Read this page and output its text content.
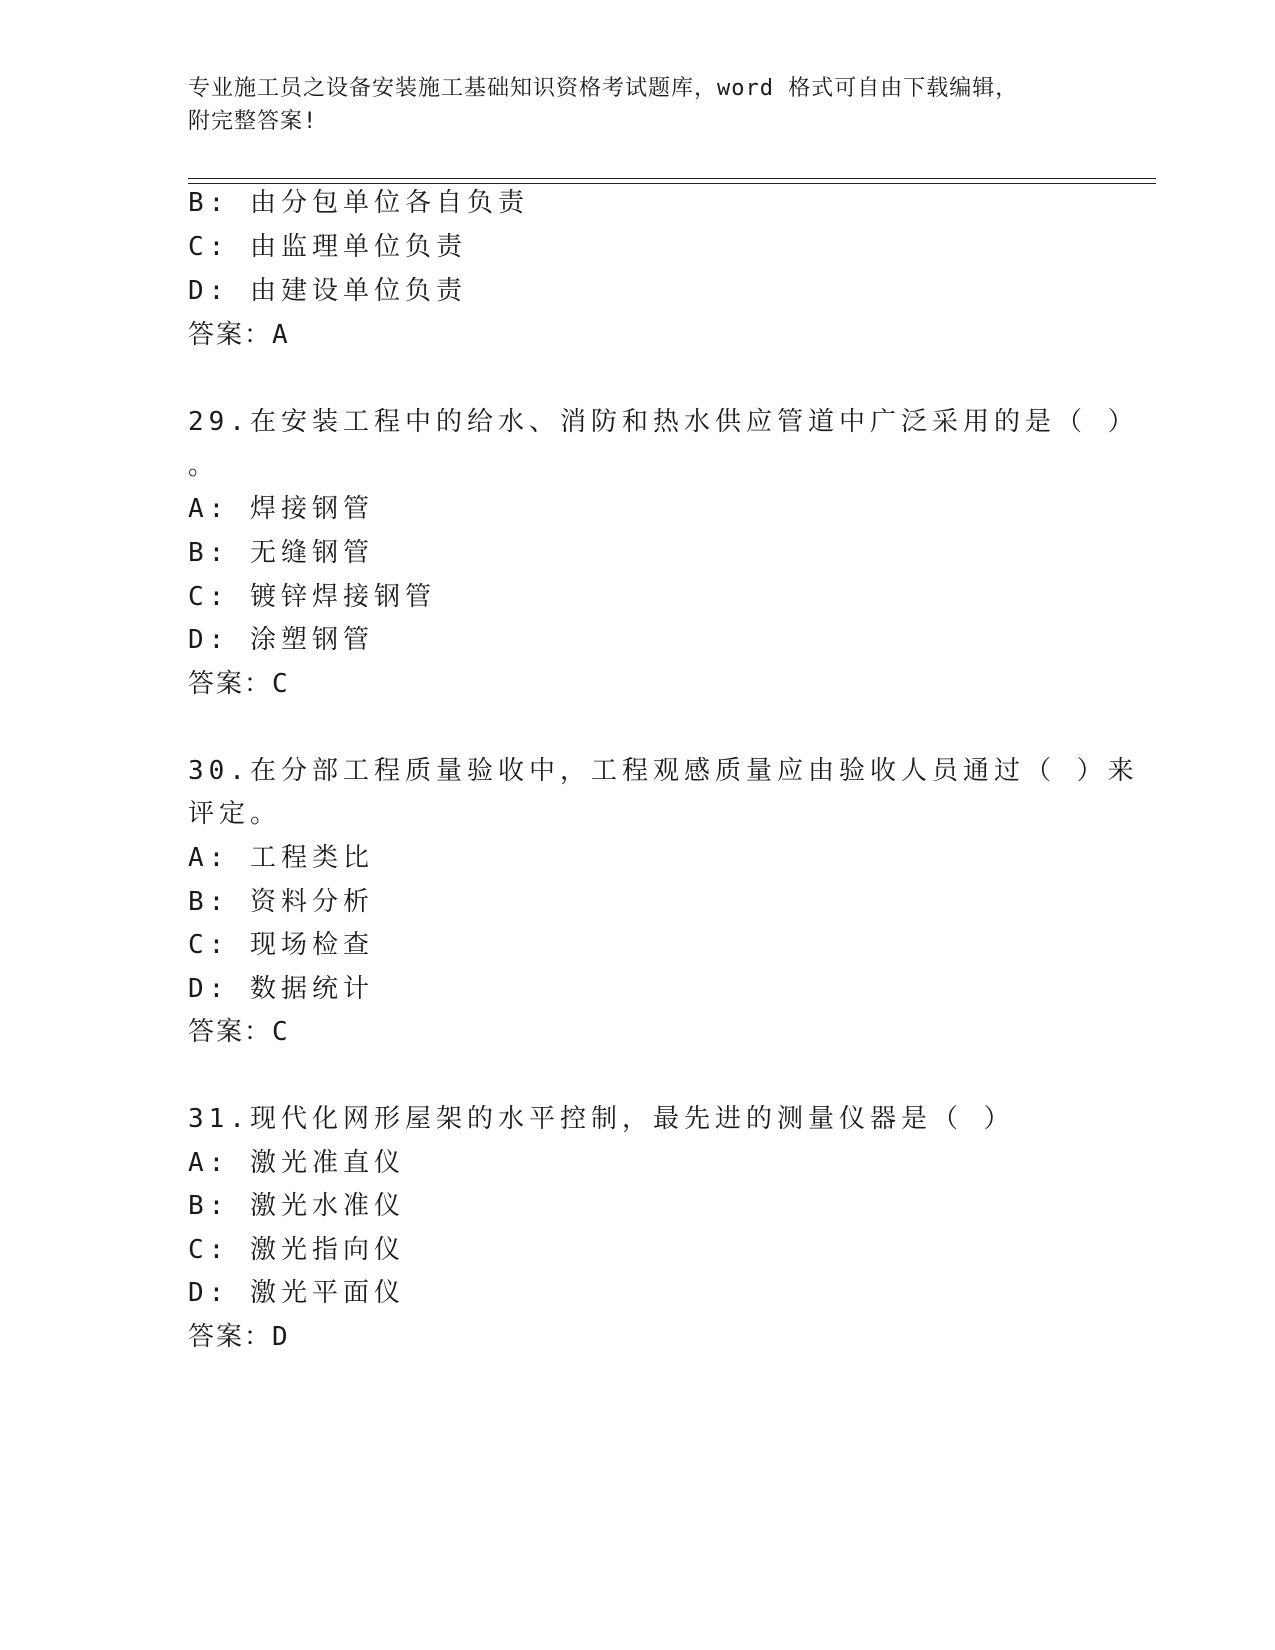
专业施工员之设备安装施工基础知识资格考试题库，word 格式可自由下载编辑，
附完整答案!
B: 由分包单位各自负责
C: 由监理单位负责
D: 由建设单位负责
答案：A
29.在安装工程中的给水、消防和热水供应管道中广泛采用的是（ ）
。
A: 焊接钢管
B: 无缝钢管
C: 镀锌焊接钢管
D: 涂塑钢管
答案：C
30.在分部工程质量验收中，工程观感质量应由验收人员通过（ ）来
评定。
A: 工程类比
B: 资料分析
C: 现场检查
D: 数据统计
答案：C
31.现代化网形屋架的水平控制，最先进的测量仪器是（ ）
A: 激光准直仪
B: 激光水准仪
C: 激光指向仪
D: 激光平面仪
答案：D
